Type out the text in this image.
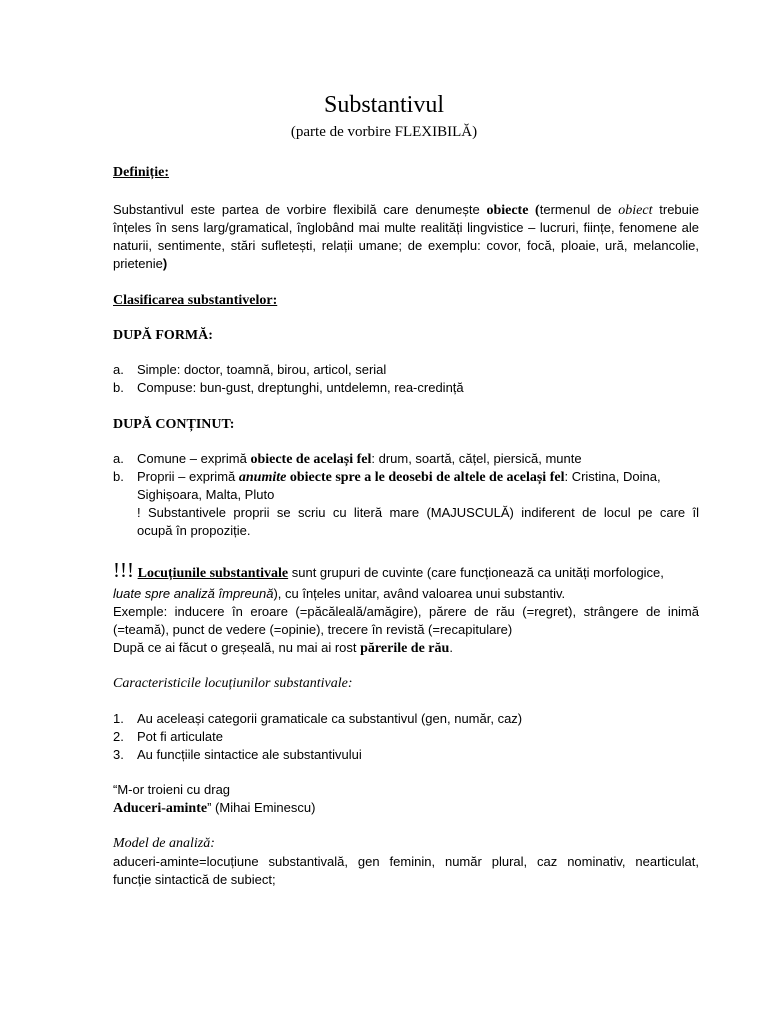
Substantivul
(parte de vorbire FLEXIBILĂ)
Definiție:
Substantivul este partea de vorbire flexibilă care denumește obiecte (termenul de obiect trebuie
înțeles în sens larg/gramatical, înglobând mai multe realități lingvistice – lucruri, ființe, fenomene ale
naturii, sentimente, stări sufletești, relații umane; de exemplu: covor, focă, ploaie, ură, melancolie,
prietenie)
Clasificarea substantivelor:
DUPĂ FORMĂ:
a.	Simple: doctor, toamnă, birou, articol, serial
b.	Compuse: bun-gust, dreptunghi, untdelemn, rea-credință
DUPĂ CONȚINUT:
a.	Comune – exprimă obiecte de același fel: drum, soartă, cățel, piersică, munte
b.	Proprii – exprimă anumite obiecte spre a le deosebi de altele de același fel: Cristina, Doina,
Sighișoara, Malta, Pluto
! Substantivele proprii se scriu cu literă mare (MAJUSCULĂ) indiferent de locul pe care îl
ocupă în propoziție.
!!! Locuțiunile substantivale sunt grupuri de cuvinte (care funcționează ca unități morfologice,
luate spre analiză împreună), cu înțeles unitar, având valoarea unui substantiv.
Exemple: inducere în eroare (=păcăleală/amăgire), părere de rău (=regret), strângere de inimă
(=teamă), punct de vedere (=opinie), trecere în revistă (=recapitulare)
După ce ai făcut o greșeală, nu mai ai rost părerile de rău.
Caracteristicile locuțiunilor substantivale:
1.	Au aceleași categorii gramaticale ca substantivul (gen, număr, caz)
2.	Pot fi articulate
3.	Au funcțiile sintactice ale substantivului
“M-or troieni cu drag
Aduceri-aminte” (Mihai Eminescu)
Model de analiză:
aduceri-aminte=locuțiune substantivală, gen feminin, număr plural, caz nominativ, nearticulat,
funcție sintactică de subiect;
